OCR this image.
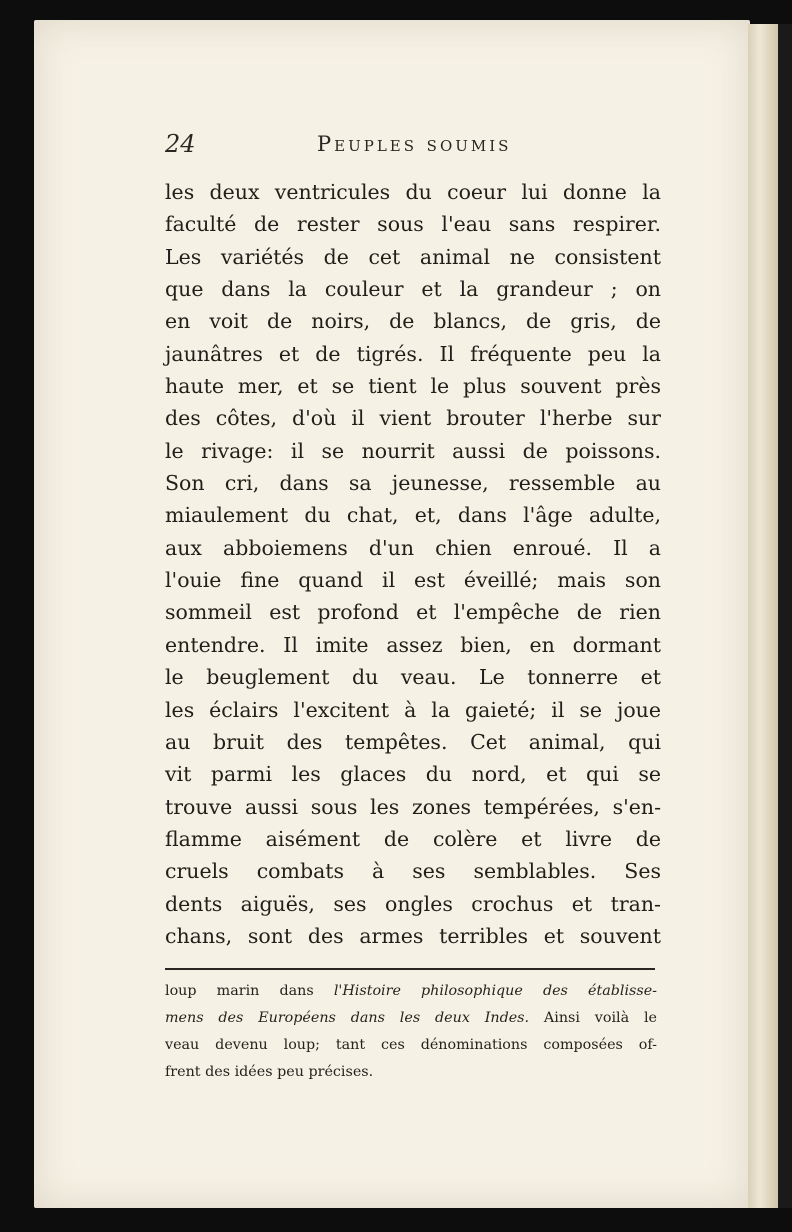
24	Peuples soumis
les deux ventricules du coeur lui donne la
faculté de rester sous l'eau sans respirer.
Les variétés de cet animal ne consistent
que dans la couleur et la grandeur ; on
en voit de noirs, de blancs, de gris, de
jaunâtres et de tigrés. Il fréquente peu la
haute mer, et se tient le plus souvent près
des côtes, d'où il vient brouter l'herbe sur
le rivage: il se nourrit aussi de poissons.
Son cri, dans sa jeunesse, ressemble au
miaulement du chat, et, dans l'âge adulte,
aux abboiemens d'un chien enroué. Il a
l'ouie fine quand il est éveillé; mais son
sommeil est profond et l'empêche de rien
entendre. Il imite assez bien, en dormant
le beuglement du veau. Le tonnerre et
les éclairs l'excitent à la gaieté; il se joue
au bruit des tempêtes. Cet animal, qui
vit parmi les glaces du nord, et qui se
trouve aussi sous les zones tempérées, s'en-
flamme aisément de colère et livre de
cruels combats à ses semblables. Ses
dents aiguës, ses ongles crochus et tran-
chans, sont des armes terribles et souvent
loup marin dans l'Histoire philosophique des établisse-
mens des Européens dans les deux Indes. Ainsi voilà le
veau devenu loup; tant ces dénominations composées of-
frent des idées peu précises.
